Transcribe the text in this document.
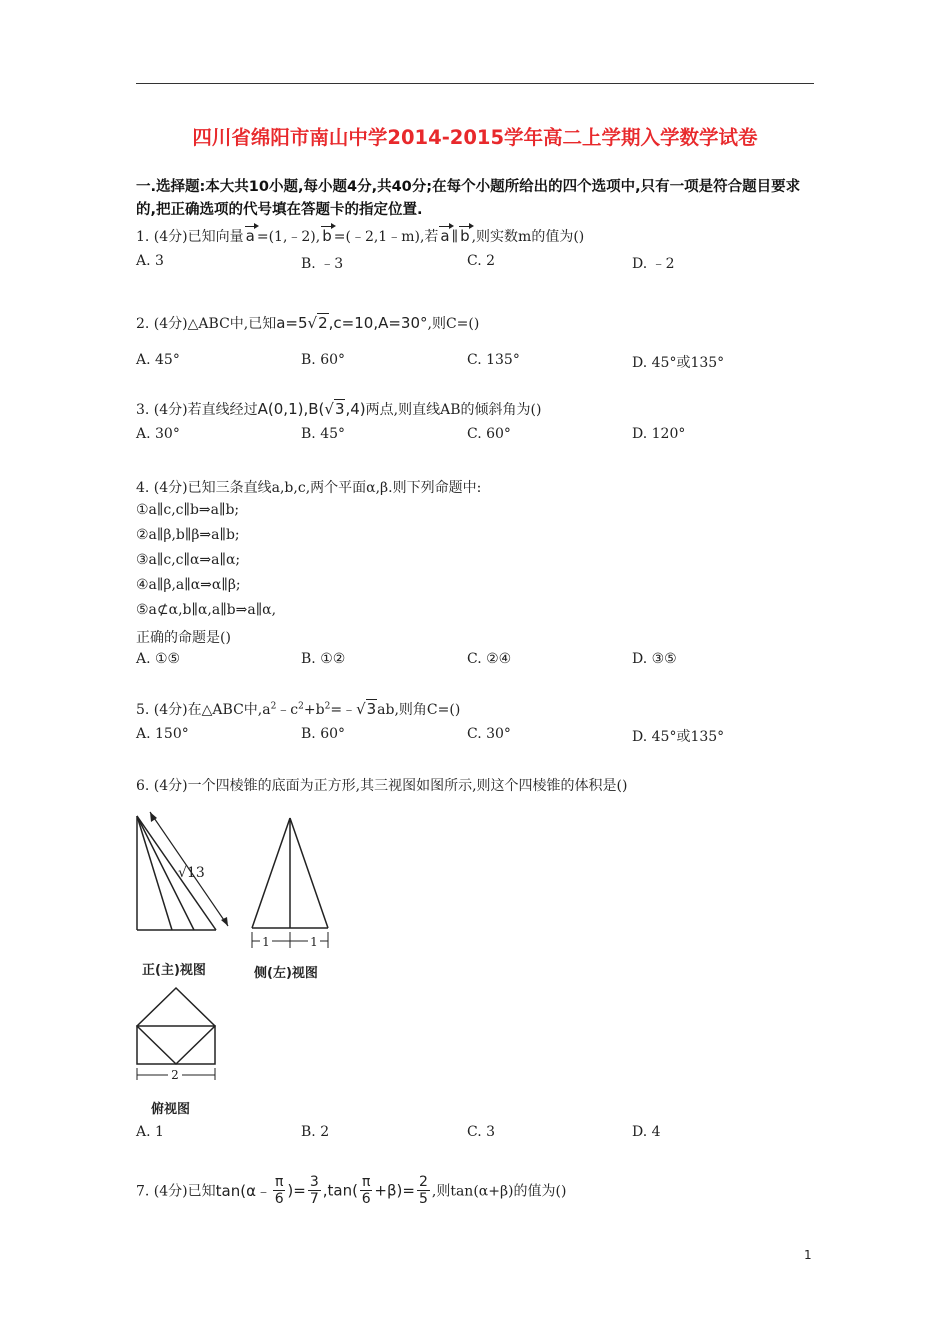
四川省绵阳市南山中学2014-2015学年高二上学期入学数学试卷
一.选择题:本大共10小题,每小题4分,共40分;在每个小题所给出的四个选项中,只有一项是符合题目要求的,把正确选项的代号填在答题卡的指定位置.
1. (4分)已知向量 a =(1,﹣2), b =(﹣2,1﹣m),若 a ∥ b ,则实数m的值为()
A. 3	B. ﹣3	C. 2	D. ﹣2
2. (4分)△ABC中,已知a=5√2,c=10,A=30°,则C=()
A. 45°	B. 60°	C. 135°	D. 45°或135°
3. (4分)若直线经过A(0,1),B(√3,4)两点,则直线AB的倾斜角为()
A. 30°	B. 45°	C. 60°	D. 120°
4. (4分)已知三条直线a,b,c,两个平面α,β.则下列命题中:
①a∥c,c∥b⇒a∥b;
②a∥β,b∥β⇒a∥b;
③a∥c,c∥α⇒a∥α;
④a∥β,a∥α⇒α∥β;
⑤a⊄α,b∥α,a∥b⇒a∥α,
正确的命题是()
A. ①⑤	B. ①②	C. ②④	D. ③⑤
5. (4分)在△ABC中$,a^2﹣c^2+b^2=﹣√3ab$,则角C=()
A. 150°	B. 60°	C. 30°	D. 45°或135°
6. (4分)一个四棱锥的底面为正方形,其三视图如图所示,则这个四棱锥的体积是()
√13
正(主)视图
1	1
侧(左)视图
2
俯视图
A. 1	B. 2	C. 3	D. 4
7. (4分)已知tan(α﹣ $\frac{\pi}{6}$ )= $\frac{3}{7} ,\tan( \frac{\pi}{6} +\beta)= \frac{2}{5}$ ,则tan(α+β)的值为()
1
